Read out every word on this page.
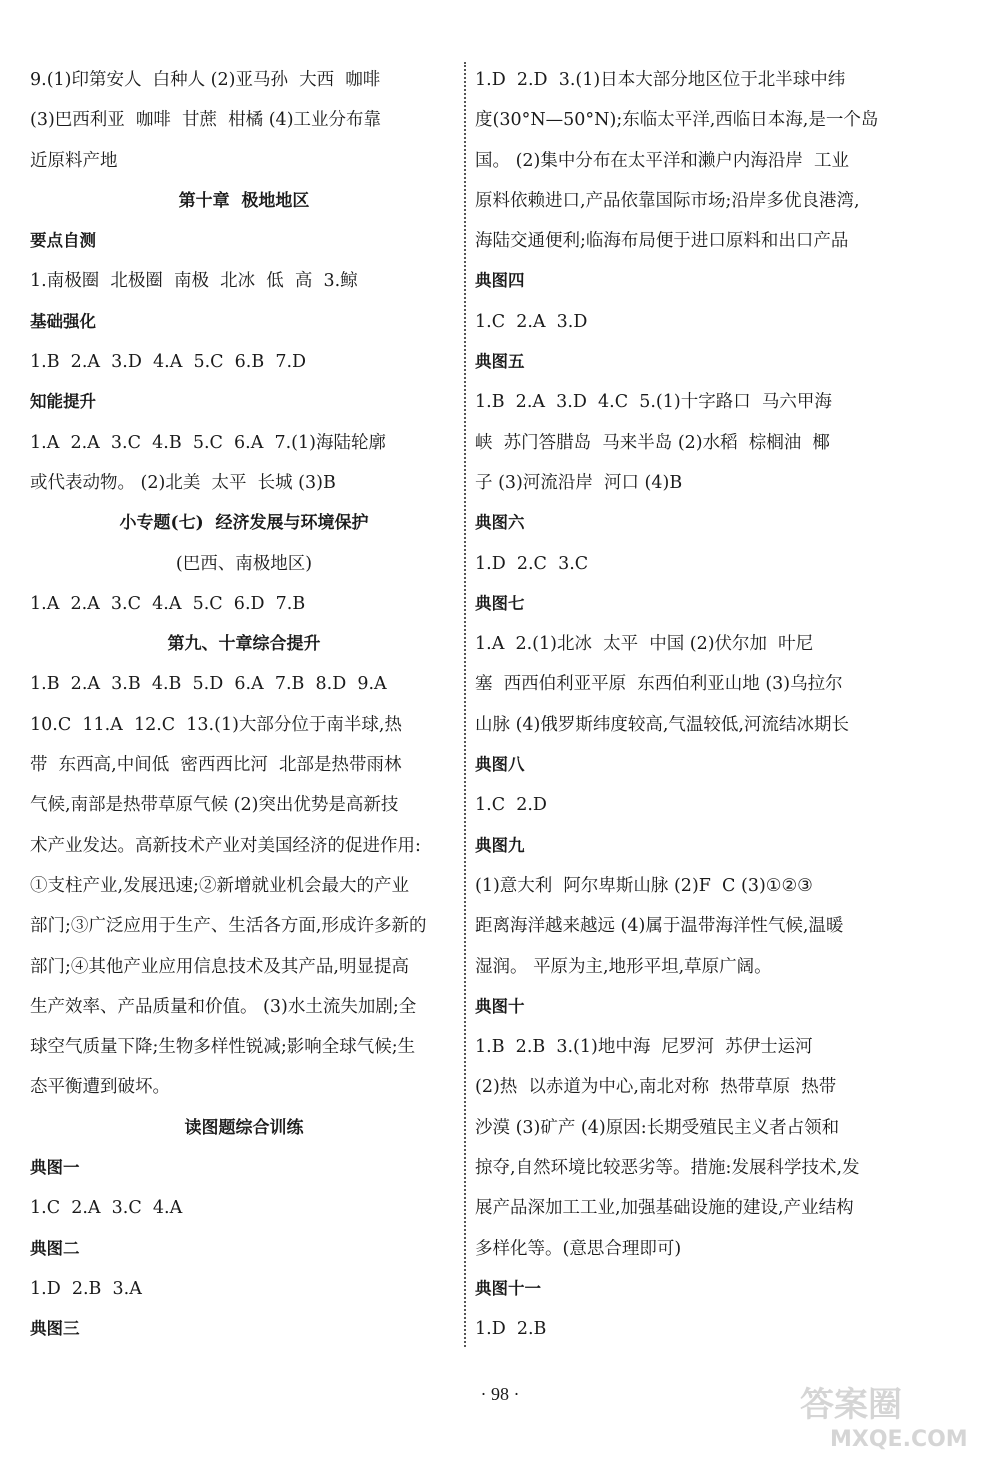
9.(1)印第安人  白种人 (2)亚马孙  大西  咖啡
(3)巴西利亚  咖啡  甘蔗  柑橘 (4)工业分布靠
近原料产地
第十章  极地地区
要点自测
1.南极圈  北极圈  南极  北冰  低  高  3.鲸
基础强化
1.B  2.A  3.D  4.A  5.C  6.B  7.D
知能提升
1.A  2.A  3.C  4.B  5.C  6.A  7.(1)海陆轮廓
或代表动物。 (2)北美  太平  长城 (3)B
小专题(七)  经济发展与环境保护
(巴西、南极地区)
1.A  2.A  3.C  4.A  5.C  6.D  7.B
第九、十章综合提升
1.B  2.A  3.B  4.B  5.D  6.A  7.B  8.D  9.A
10.C  11.A  12.C  13.(1)大部分位于南半球,热
带  东西高,中间低  密西西比河  北部是热带雨林
气候,南部是热带草原气候 (2)突出优势是高新技
术产业发达。高新技术产业对美国经济的促进作用:
①支柱产业,发展迅速;②新增就业机会最大的产业
部门;③广泛应用于生产、生活各方面,形成许多新的
部门;④其他产业应用信息技术及其产品,明显提高
生产效率、产品质量和价值。 (3)水土流失加剧;全
球空气质量下降;生物多样性锐减;影响全球气候;生
态平衡遭到破坏。
读图题综合训练
典图一
1.C  2.A  3.C  4.A
典图二
1.D  2.B  3.A
典图三
1.D  2.D  3.(1)日本大部分地区位于北半球中纬
度(30°N—50°N);东临太平洋,西临日本海,是一个岛
国。 (2)集中分布在太平洋和濑户内海沿岸  工业
原料依赖进口,产品依靠国际市场;沿岸多优良港湾,
海陆交通便利;临海布局便于进口原料和出口产品
典图四
1.C  2.A  3.D
典图五
1.B  2.A  3.D  4.C  5.(1)十字路口  马六甲海
峡  苏门答腊岛  马来半岛 (2)水稻  棕榈油  椰
子 (3)河流沿岸  河口 (4)B
典图六
1.D  2.C  3.C
典图七
1.A  2.(1)北冰  太平  中国 (2)伏尔加  叶尼
塞  西西伯利亚平原  东西伯利亚山地 (3)乌拉尔
山脉 (4)俄罗斯纬度较高,气温较低,河流结冰期长
典图八
1.C  2.D
典图九
(1)意大利  阿尔卑斯山脉 (2)F  C (3)①②③
距离海洋越来越远 (4)属于温带海洋性气候,温暖
湿润。 平原为主,地形平坦,草原广阔。
典图十
1.B  2.B  3.(1)地中海  尼罗河  苏伊士运河
(2)热  以赤道为中心,南北对称  热带草原  热带
沙漠 (3)矿产 (4)原因:长期受殖民主义者占领和
掠夺,自然环境比较恶劣等。措施:发展科学技术,发
展产品深加工工业,加强基础设施的建设,产业结构
多样化等。(意思合理即可)
典图十一
1.D  2.B
· 98 ·	答案圈
MXQE.COM
